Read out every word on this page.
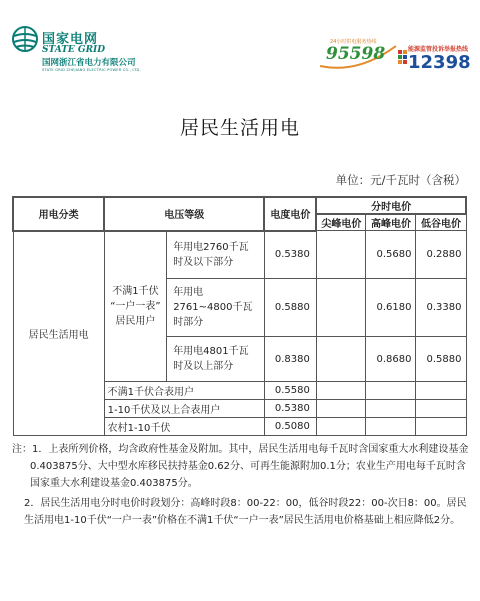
国家电网
STATE GRID
国网浙江省电力有限公司
STATE GRID ZHEJIANG ELECTRIC POWER CO., LTD.
24小时供电服务热线
95598	能源监管投诉举报热线
12398
居民生活用电
单位：元/千瓦时（含税）
用电分类	电压等级		电度电价	分时电价		
				尖峰电价	高峰电价	低谷电价
居民生活用电	不满1千伏
“一户一表”
居民用户	年用电2760千瓦时及以下部分	0.5380		0.5680	0.2880
		年用电2761~4800千瓦时部分	0.5880		0.6180	0.3380
		年用电4801千瓦时及以上部分	0.8380		0.8680	0.5880
	不满1千伏合表用户		0.5580			
	1-10千伏及以上合表用户		0.5380			
	农村1-10千伏		0.5080			

注：1．上表所列价格，均含政府性基金及附加。其中，居民生活用电每千瓦时含国家重大水利建设基金0.403875分、大中型水库移民扶持基金0.62分、可再生能源附加0.1分；农业生产用电每千瓦时含国家重大水利建设基金0.403875分。

2．居民生活用电分时电价时段划分：高峰时段8：00-22：00，低谷时段22：00-次日8：00。居民生活用电1-10千伏“一户一表”价格在不满1千伏“一户一表”居民生活用电价格基础上相应降低2分。
